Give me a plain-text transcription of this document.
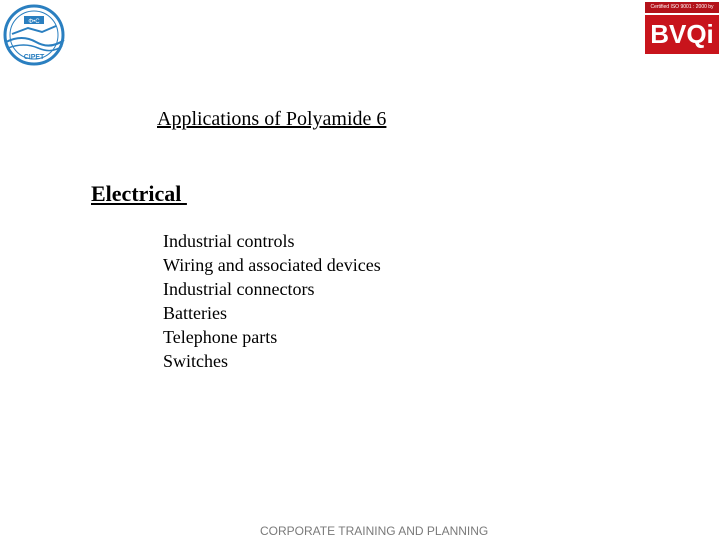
Φ•C
CIPET
Certified ISO 9001 : 2000 by
BVQi
Applications of Polyamide 6
Electrical
Industrial controls
Wiring and associated devices
Industrial connectors
Batteries
Telephone parts
Switches
CORPORATE TRAINING AND PLANNING
